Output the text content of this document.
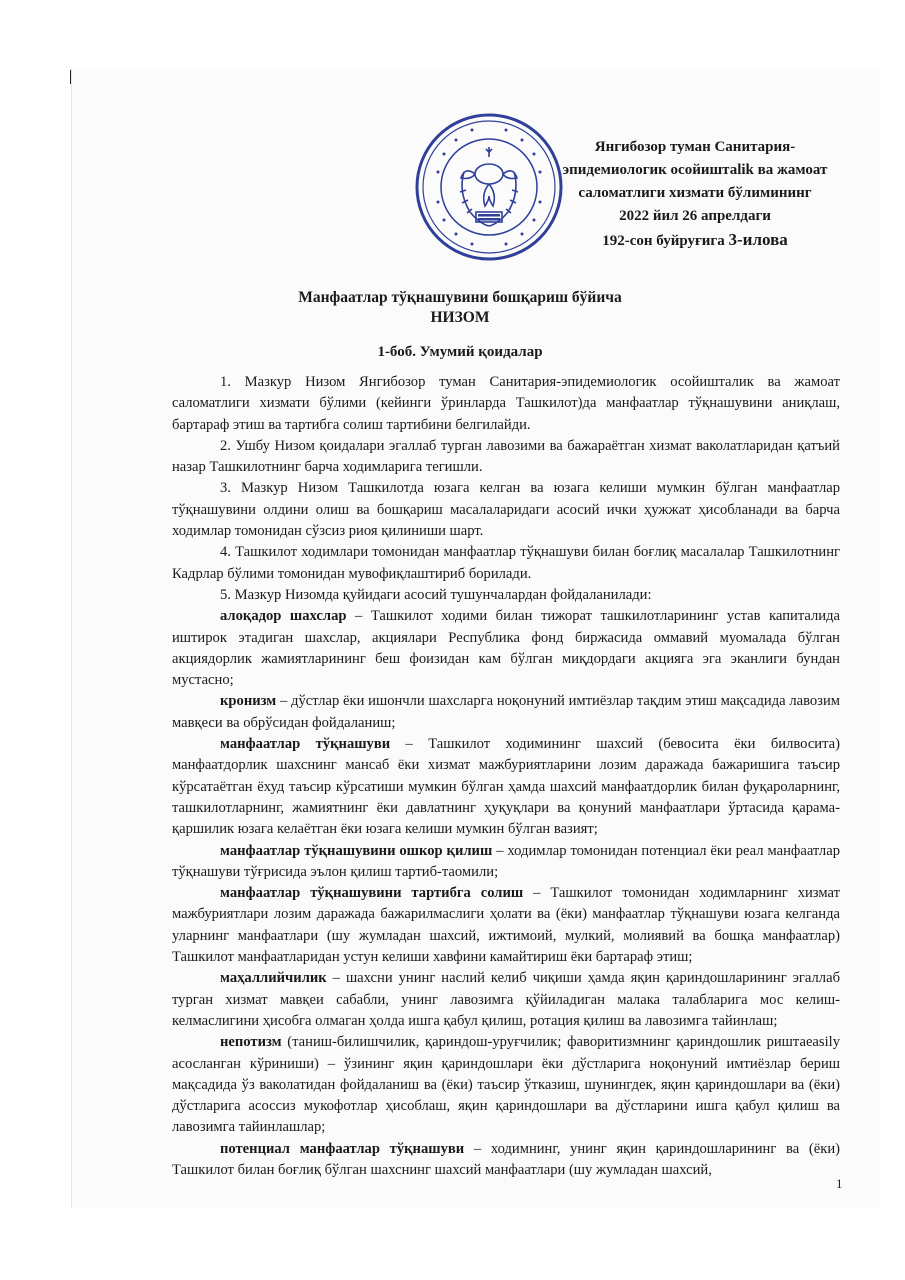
Янгибозор туман Санитария-
эпидемиологик осойиштаlik ва жамоат
саломатлиги хизмати бўлимининг
2022 йил 26 апрелдаги
192-сон буйруғига 3-илова
Манфаатлар тўқнашувини бошқариш бўйича
НИЗОМ
1-боб. Умумий қоидалар

1. Мазкур Низом Янгибозор туман Санитария-эпидемиологик осойишталик ва жамоат саломатлиги хизмати бўлими (кейинги ўринларда Ташкилот)да манфаатлар тўқнашувини аниқлаш, бартараф этиш ва тартибга солиш тартибини белгилайди.

2. Ушбу Низом қоидалари эгаллаб турган лавозими ва бажараётган хизмат ваколатларидан қатъий назар Ташкилотнинг барча ходимларига тегишли.

3. Мазкур Низом Ташкилотда юзага келган ва юзага келиши мумкин бўлган манфаатлар тўқнашувини олдини олиш ва бошқариш масалаларидаги асосий ички ҳужжат ҳисобланади ва барча ходимлар томонидан сўзсиз риоя қилиниши шарт.

4. Ташкилот ходимлари томонидан манфаатлар тўқнашуви билан боғлиқ масалалар Ташкилотнинг Кадрлар бўлими томонидан мувофиқлаштириб борилади.

5. Мазкур Низомда қуйидаги асосий тушунчалардан фойдаланилади:

алоқадор шахслар – Ташкилот ходими билан тижорат ташкилотларининг устав капиталида иштирок этадиган шахслар, акциялари Республика фонд биржасида оммавий муомалада бўлган акциядорлик жамиятларининг беш фоизидан кам бўлган миқдордаги акцияга эга эканлиги бундан мустасно;

кронизм – дўстлар ёки ишончли шахсларга ноқонуний имтиёзлар тақдим этиш мақсадида лавозим мавқеси ва обрўсидан фойдаланиш;

манфаатлар тўқнашуви – Ташкилот ходимининг шахсий (бевосита ёки билвосита) манфаатдорлик шахснинг мансаб ёки хизмат мажбуриятларини лозим даражада бажаришига таъсир кўрсатаётган ёхуд таъсир кўрсатиши мумкин бўлган ҳамда шахсий манфаатдорлик билан фуқароларнинг, ташкилотларнинг, жамиятнинг ёки давлатнинг ҳуқуқлари ва қонуний манфаатлари ўртасида қарама-қаршилик юзага келаётган ёки юзага келиши мумкин бўлган вазият;

манфаатлар тўқнашувини ошкор қилиш – ходимлар томонидан потенциал ёки реал манфаатлар тўқнашуви тўғрисида эълон қилиш тартиб-таомили;

манфаатлар тўқнашувини тартибга солиш – Ташкилот томонидан ходимларнинг хизмат мажбуриятлари лозим даражада бажарилмаслиги ҳолати ва (ёки) манфаатлар тўқнашуви юзага келганда уларнинг манфаатлари (шу жумладан шахсий, ижтимоий, мулкий, молиявий ва бошқа манфаатлар) Ташкилот манфаатларидан устун келиши хавфини камайтириш ёки бартараф этиш;

маҳаллийчилик – шахсни унинг наслий келиб чиқиши ҳамда яқин қариндошларининг эгаллаб турган хизмат мавқеи сабабли, унинг лавозимга қўйиладиган малака талабларига мос келиш-келмаслигини ҳисобга олмаган ҳолда ишга қабул қилиш, ротация қилиш ва лавозимга тайинлаш;

непотизм (таниш-билишчилик, қариндош-уруғчилик; фаворитизмнинг қариндошлик риштаeasily асосланган кўриниши) – ўзининг яқин қариндошлари ёки дўстларига ноқонуний имтиёзлар бериш мақсадида ўз ваколатидан фойдаланиш ва (ёки) таъсир ўтказиш, шунингдек, яқин қариндошлари ва (ёки) дўстларига асоссиз мукофотлар ҳисоблаш, яқин қариндошлари ва дўстларини ишга қабул қилиш ва лавозимга тайинлашлар;

потенциал манфаатлар тўқнашуви – ходимнинг, унинг яқин қариндошларининг ва (ёки) Ташкилот билан боғлиқ бўлган шахснинг шахсий манфаатлари (шу жумладан шахсий,

1
